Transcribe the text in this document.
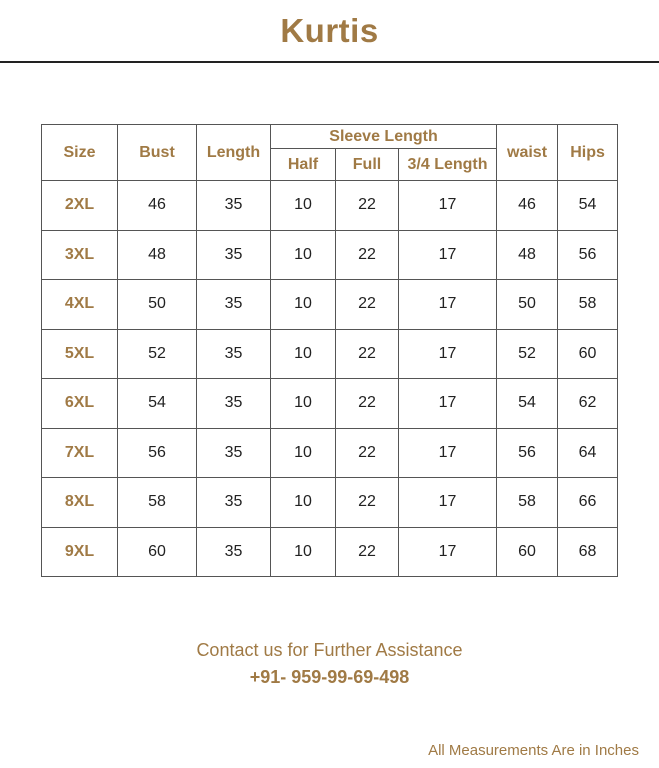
Kurtis
Size	Bust	Length	Sleeve Length			waist	Hips
			Half	Full	3/4 Length		
2XL	46	35	10	22	17	46	54
3XL	48	35	10	22	17	48	56
4XL	50	35	10	22	17	50	58
5XL	52	35	10	22	17	52	60
6XL	54	35	10	22	17	54	62
7XL	56	35	10	22	17	56	64
8XL	58	35	10	22	17	58	66
9XL	60	35	10	22	17	60	68
Contact us for Further Assistance
+91- 959-99-69-498
All Measurements Are in Inches
